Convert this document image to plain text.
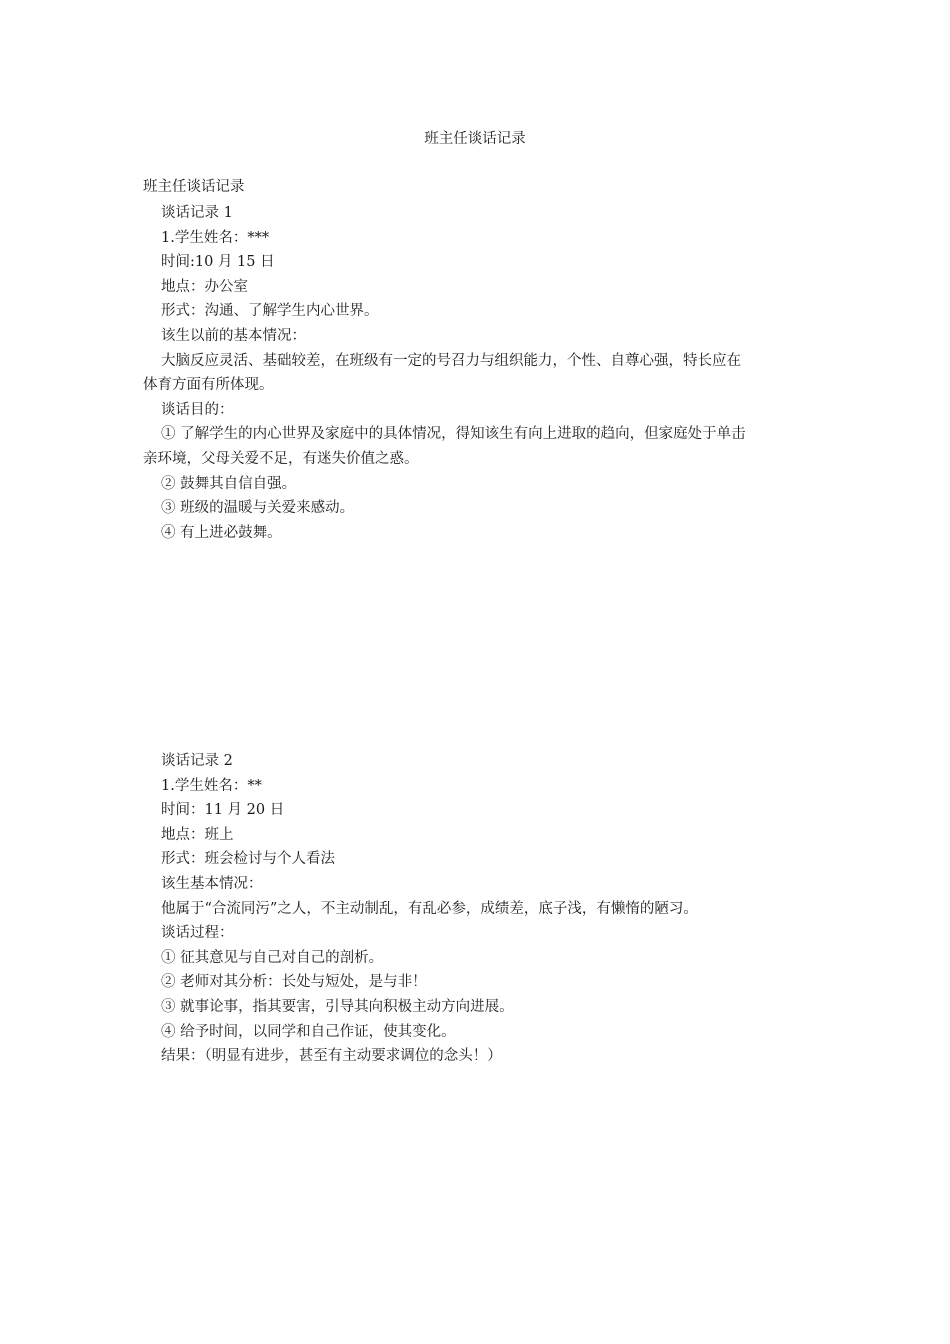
班主任谈话记录
班主任谈话记录
谈话记录 1
1.学生姓名：***
时间:10 月 15 日
地点：办公室
形式：沟通、了解学生内心世界。
该生以前的基本情况：
大脑反应灵活、基础较差，在班级有一定的号召力与组织能力，个性、自尊心强，特长应在
体育方面有所体现。
谈话目的：
① 了解学生的内心世界及家庭中的具体情况，得知该生有向上进取的趋向，但家庭处于单击
亲环境，父母关爱不足，有迷失价值之惑。
② 鼓舞其自信自强。
③ 班级的温暖与关爱来感动。
④ 有上进必鼓舞。
谈话记录 2
1.学生姓名：**
时间：11 月 20 日
地点：班上
形式：班会检讨与个人看法
该生基本情况：
他属于“合流同污”之人，不主动制乱，有乱必参，成绩差，底子浅，有懒惰的陋习。
谈话过程：
① 征其意见与自己对自己的剖析。
② 老师对其分析：长处与短处，是与非！
③ 就事论事，指其要害，引导其向积极主动方向进展。
④ 给予时间，以同学和自己作证，使其变化。
结果：（明显有进步，甚至有主动要求调位的念头！）
